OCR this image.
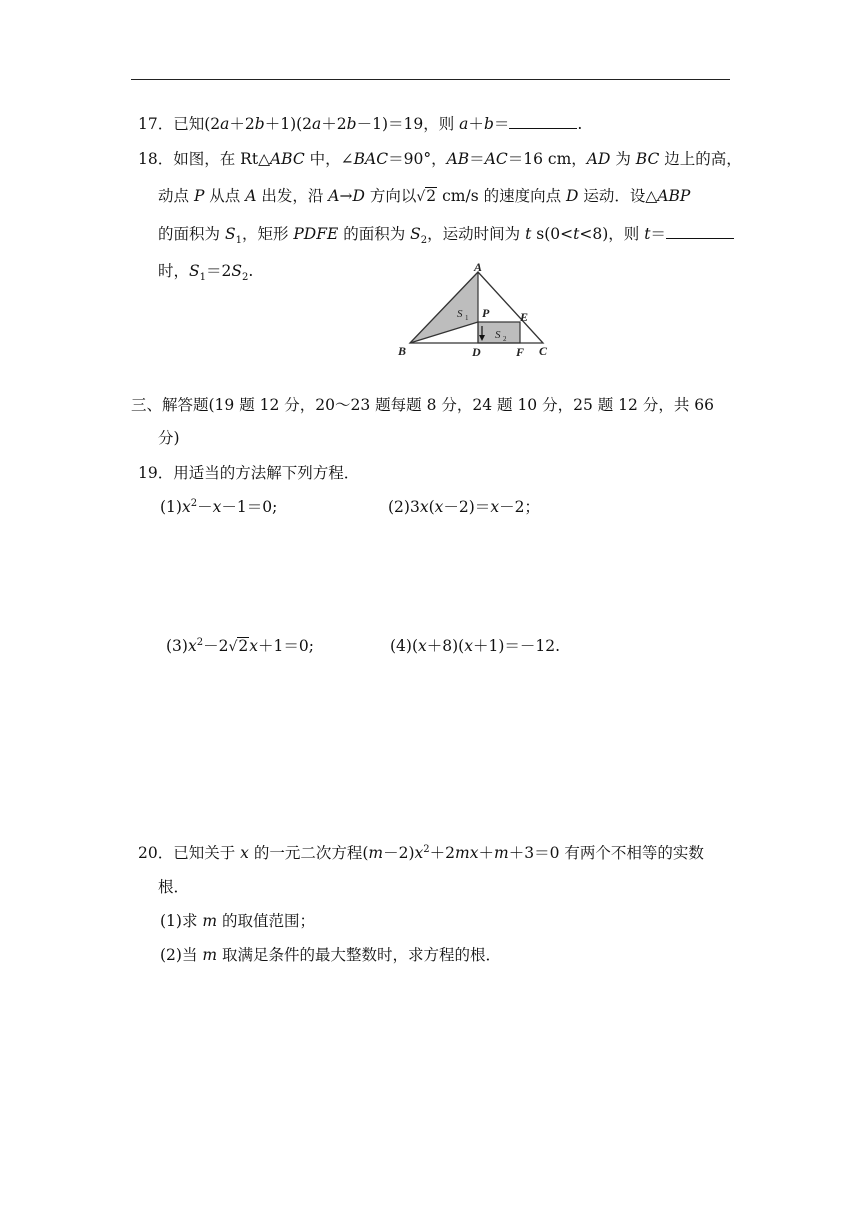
17．已知(2a＋2b＋1)(2a＋2b－1)＝19，则 a＋b＝	.
18．如图，在 Rt△ABC 中，∠BAC＝90°，AB＝AC＝16 cm，AD 为 BC 边上的高，
动点 P 从点 A 出发，沿 A→D 方向以√2 cm/s 的速度向点 D 运动．设△ABP
的面积为 $S_1$，矩形 PDFE 的面积为 $S_2$，运动时间为 t s(0<t<8)，则 t＝
时，$S_1=2S_2$.	A
B	C
D
E
F
P
S 1
S 2
三、解答题(19 题 12 分，20～23 题每题 8 分，24 题 10 分，25 题 12 分，共 66
分)
19．用适当的方法解下列方程．
$(1)x^2-x-1=0$;	(2)3x(x－2)＝x－2；
$(3)x^2-2√2x+1=0$;	(4)(x＋8)(x＋1)＝－12.
20．已知关于 x 的一元二次方程$(m-2)x^2+2mx+m+3=0$ 有两个不相等的实数
根．
(1)求 m 的取值范围；
(2)当 m 取满足条件的最大整数时，求方程的根．
